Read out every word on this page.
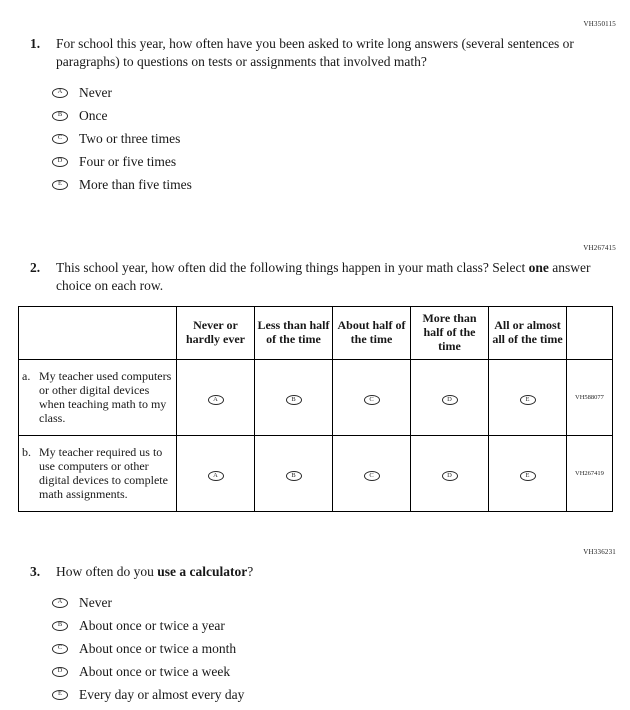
VH350115
1.	For school this year, how often have you been asked to write long answers (several sentences or paragraphs) to questions on tests or assignments that involved math?
A Never
B Once
C Two or three times
D Four or five times
E More than five times
VH267415
2.	This school year, how often did the following things happen in your math class? Select one answer choice on each row.
	Never or hardly ever	Less than half of the time	About half of the time	More than half of the time	All or almost all of the time	

a. My teacher used computers or other digital devices when teaching math to my class.	A	B	C	D	E	VH588077

b. My teacher required us to use computers or other digital devices to complete math assignments.	A	B	C	D	E	VH267419
VH336231
3.	How often do you use a calculator?
A Never
B About once or twice a year
C About once or twice a month
D About once or twice a week
E Every day or almost every day
